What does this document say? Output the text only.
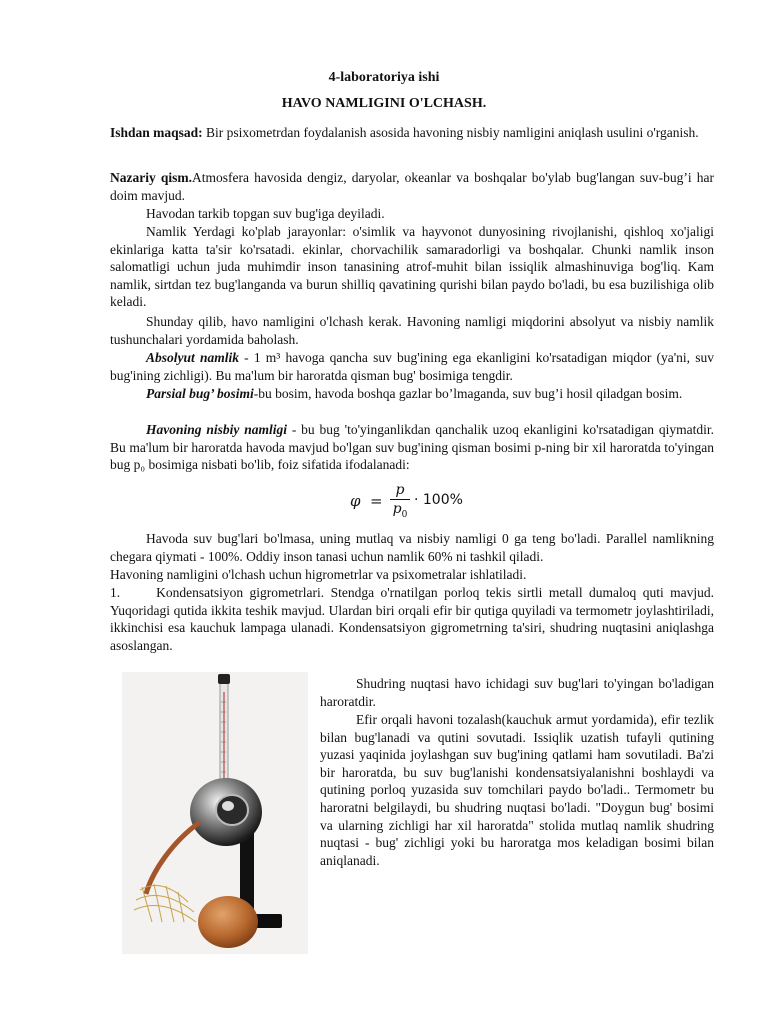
4-laboratoriya ishi
HAVO NAMLIGINI O'LCHASH.

Ishdan maqsad: Bir psixometrdan foydalanish asosida havoning nisbiy namligini aniqlash usulini o'rganish.

Nazariy qism.Atmosfera havosida dengiz, daryolar, okeanlar va boshqalar bo'ylab bug'langan suv-bug’i har doim mavjud.

Havodan tarkib topgan suv bug'iga deyiladi.

Namlik Yerdagi ko'plab jarayonlar: o'simlik va hayvonot dunyosining rivojlanishi, qishloq xo'jaligi ekinlariga katta ta'sir ko'rsatadi. ekinlar, chorvachilik samaradorligi va boshqalar. Chunki namlik inson salomatligi uchun juda muhimdir inson tanasining atrof-muhit bilan issiqlik almashinuviga bog'liq. Kam namlik, sirtdan tez bug'langanda va burun shilliq qavatining qurishi bilan paydo bo'ladi, bu esa buzilishiga olib keladi.

Shunday qilib, havo namligini o'lchash kerak. Havoning namligi miqdorini absolyut va nisbiy namlik tushunchalari yordamida baholash.

Absolyut namlik - 1 m³ havoga qancha suv bug'ining ega ekanligini ko'rsatadigan miqdor (ya'ni, suv bug'ining zichligi). Bu ma'lum bir haroratda qisman bug' bosimiga tengdir.

Parsial bug’ bosimi-bu bosim, havoda boshqa gazlar bo’lmaganda, suv bug’i hosil qiladgan bosim.

Havoning nisbiy namligi - bu bug 'to'yinganlikdan qanchalik uzoq ekanligini ko'rsatadigan qiymatdir. Bu ma'lum bir haroratda havoda mavjud bo'lgan suv bug'ining qisman bosimi p-ning bir xil haroratda to'yingan bug p₀ bosimiga nisbati bo'lib, foiz sifatida ifodalanadi:

φ =
p
$p_0$
· 100%

Havoda suv bug'lari bo'lmasa, uning mutlaq va nisbiy namligi 0 ga teng bo'ladi. Parallel namlikning chegara qiymati - 100%. Oddiy inson tanasi uchun namlik 60% ni tashkil qiladi.

Havoning namligini o'lchash uchun higrometrlar va psixometralar ishlatiladi.

1.	Kondensatsiyon gigrometrlari. Stendga o'rnatilgan porloq tekis sirtli metall dumaloq quti mavjud. Yuqoridagi qutida ikkita teshik mavjud. Ulardan biri orqali efir bir qutiga quyiladi va termometr joylashtiriladi, ikkinchisi esa kauchuk lampaga ulanadi. Kondensatsiyon gigrometrning ta'siri, shudring nuqtasini aniqlashga asoslangan.

Shudring nuqtasi havo ichidagi suv bug'lari to'yingan bo'ladigan haroratdir.

Efir orqali havoni tozalash(kauchuk armut yordamida), efir tezlik bilan bug'lanadi va qutini sovutadi. Issiqlik uzatish tufayli qutining yuzasi yaqinida joylashgan suv bug'ining qatlami ham sovutiladi. Ba'zi bir haroratda, bu suv bug'lanishi kondensatsiyalanishni boshlaydi va qutining porloq yuzasida suv tomchilari paydo bo'ladi.. Termometr bu haroratni belgilaydi, bu shudring nuqtasi bo'ladi. "Doygun bug' bosimi va ularning zichligi har xil haroratda" stolida mutlaq namlik shudring nuqtasi - bug' zichligi yoki bu haroratga mos keladigan bosimi bilan aniqlanadi.
